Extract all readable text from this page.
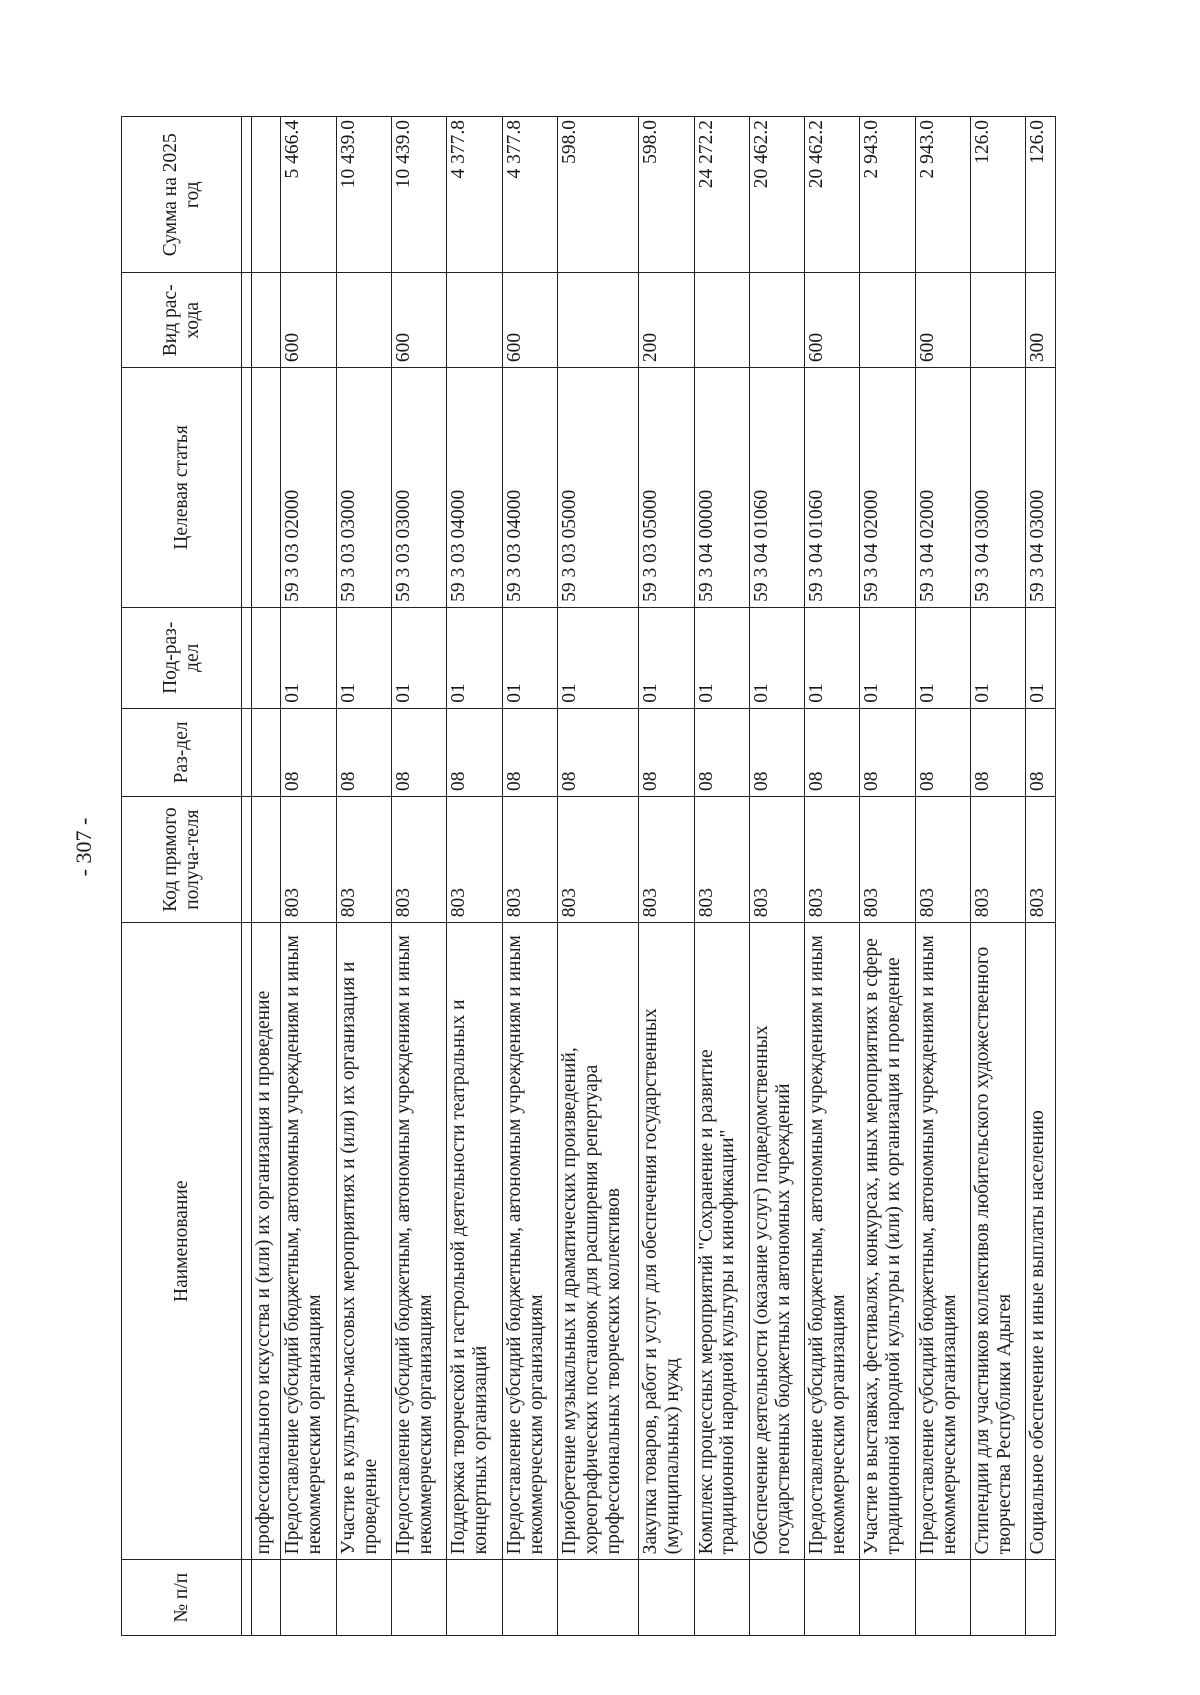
- 307 -
№ п/п	Наименование	Код прямого получа-теля	Раз-дел	Под-раз-дел	Целевая статья	Вид рас-хода	Сумма на 2025 год

	профессионального искусства и (или) их организация и проведение						
	Предоставление субсидий бюджетным, автономным учреждениям и иным некоммерческим организациям	803	08	01	59 3 03 02000	600	5 466.4
	Участие в культурно-массовых мероприятиях и (или) их организация и проведение	803	08	01	59 3 03 03000		10 439.0
	Предоставление субсидий бюджетным, автономным учреждениям и иным некоммерческим организациям	803	08	01	59 3 03 03000	600	10 439.0
	Поддержка творческой и гастрольной деятельности театральных и концертных организаций	803	08	01	59 3 03 04000		4 377.8
	Предоставление субсидий бюджетным, автономным учреждениям и иным некоммерческим организациям	803	08	01	59 3 03 04000	600	4 377.8
	Приобретение музыкальных и драматических произведений, хореографических постановок для расширения репертуара профессиональных творческих коллективов	803	08	01	59 3 03 05000		598.0
	Закупка товаров, работ и услуг для обеспечения государственных (муниципальных) нужд	803	08	01	59 3 03 05000	200	598.0
	Комплекс процессных мероприятий "Сохранение и развитие традиционной народной культуры и кинофикации"	803	08	01	59 3 04 00000		24 272.2
	Обеспечение деятельности (оказание услуг) подведомственных государственных бюджетных и автономных учреждений	803	08	01	59 3 04 01060		20 462.2
	Предоставление субсидий бюджетным, автономным учреждениям и иным некоммерческим организациям	803	08	01	59 3 04 01060	600	20 462.2
	Участие в выставках, фестивалях, конкурсах, иных мероприятиях в сфере традиционной народной культуры и (или) их организация и проведение	803	08	01	59 3 04 02000		2 943.0
	Предоставление субсидий бюджетным, автономным учреждениям и иным некоммерческим организациям	803	08	01	59 3 04 02000	600	2 943.0
	Стипендии для участников коллективов любительского художественного творчества Республики Адыгея	803	08	01	59 3 04 03000		126.0
	Социальное обеспечение и иные выплаты населению	803	08	01	59 3 04 03000	300	126.0
